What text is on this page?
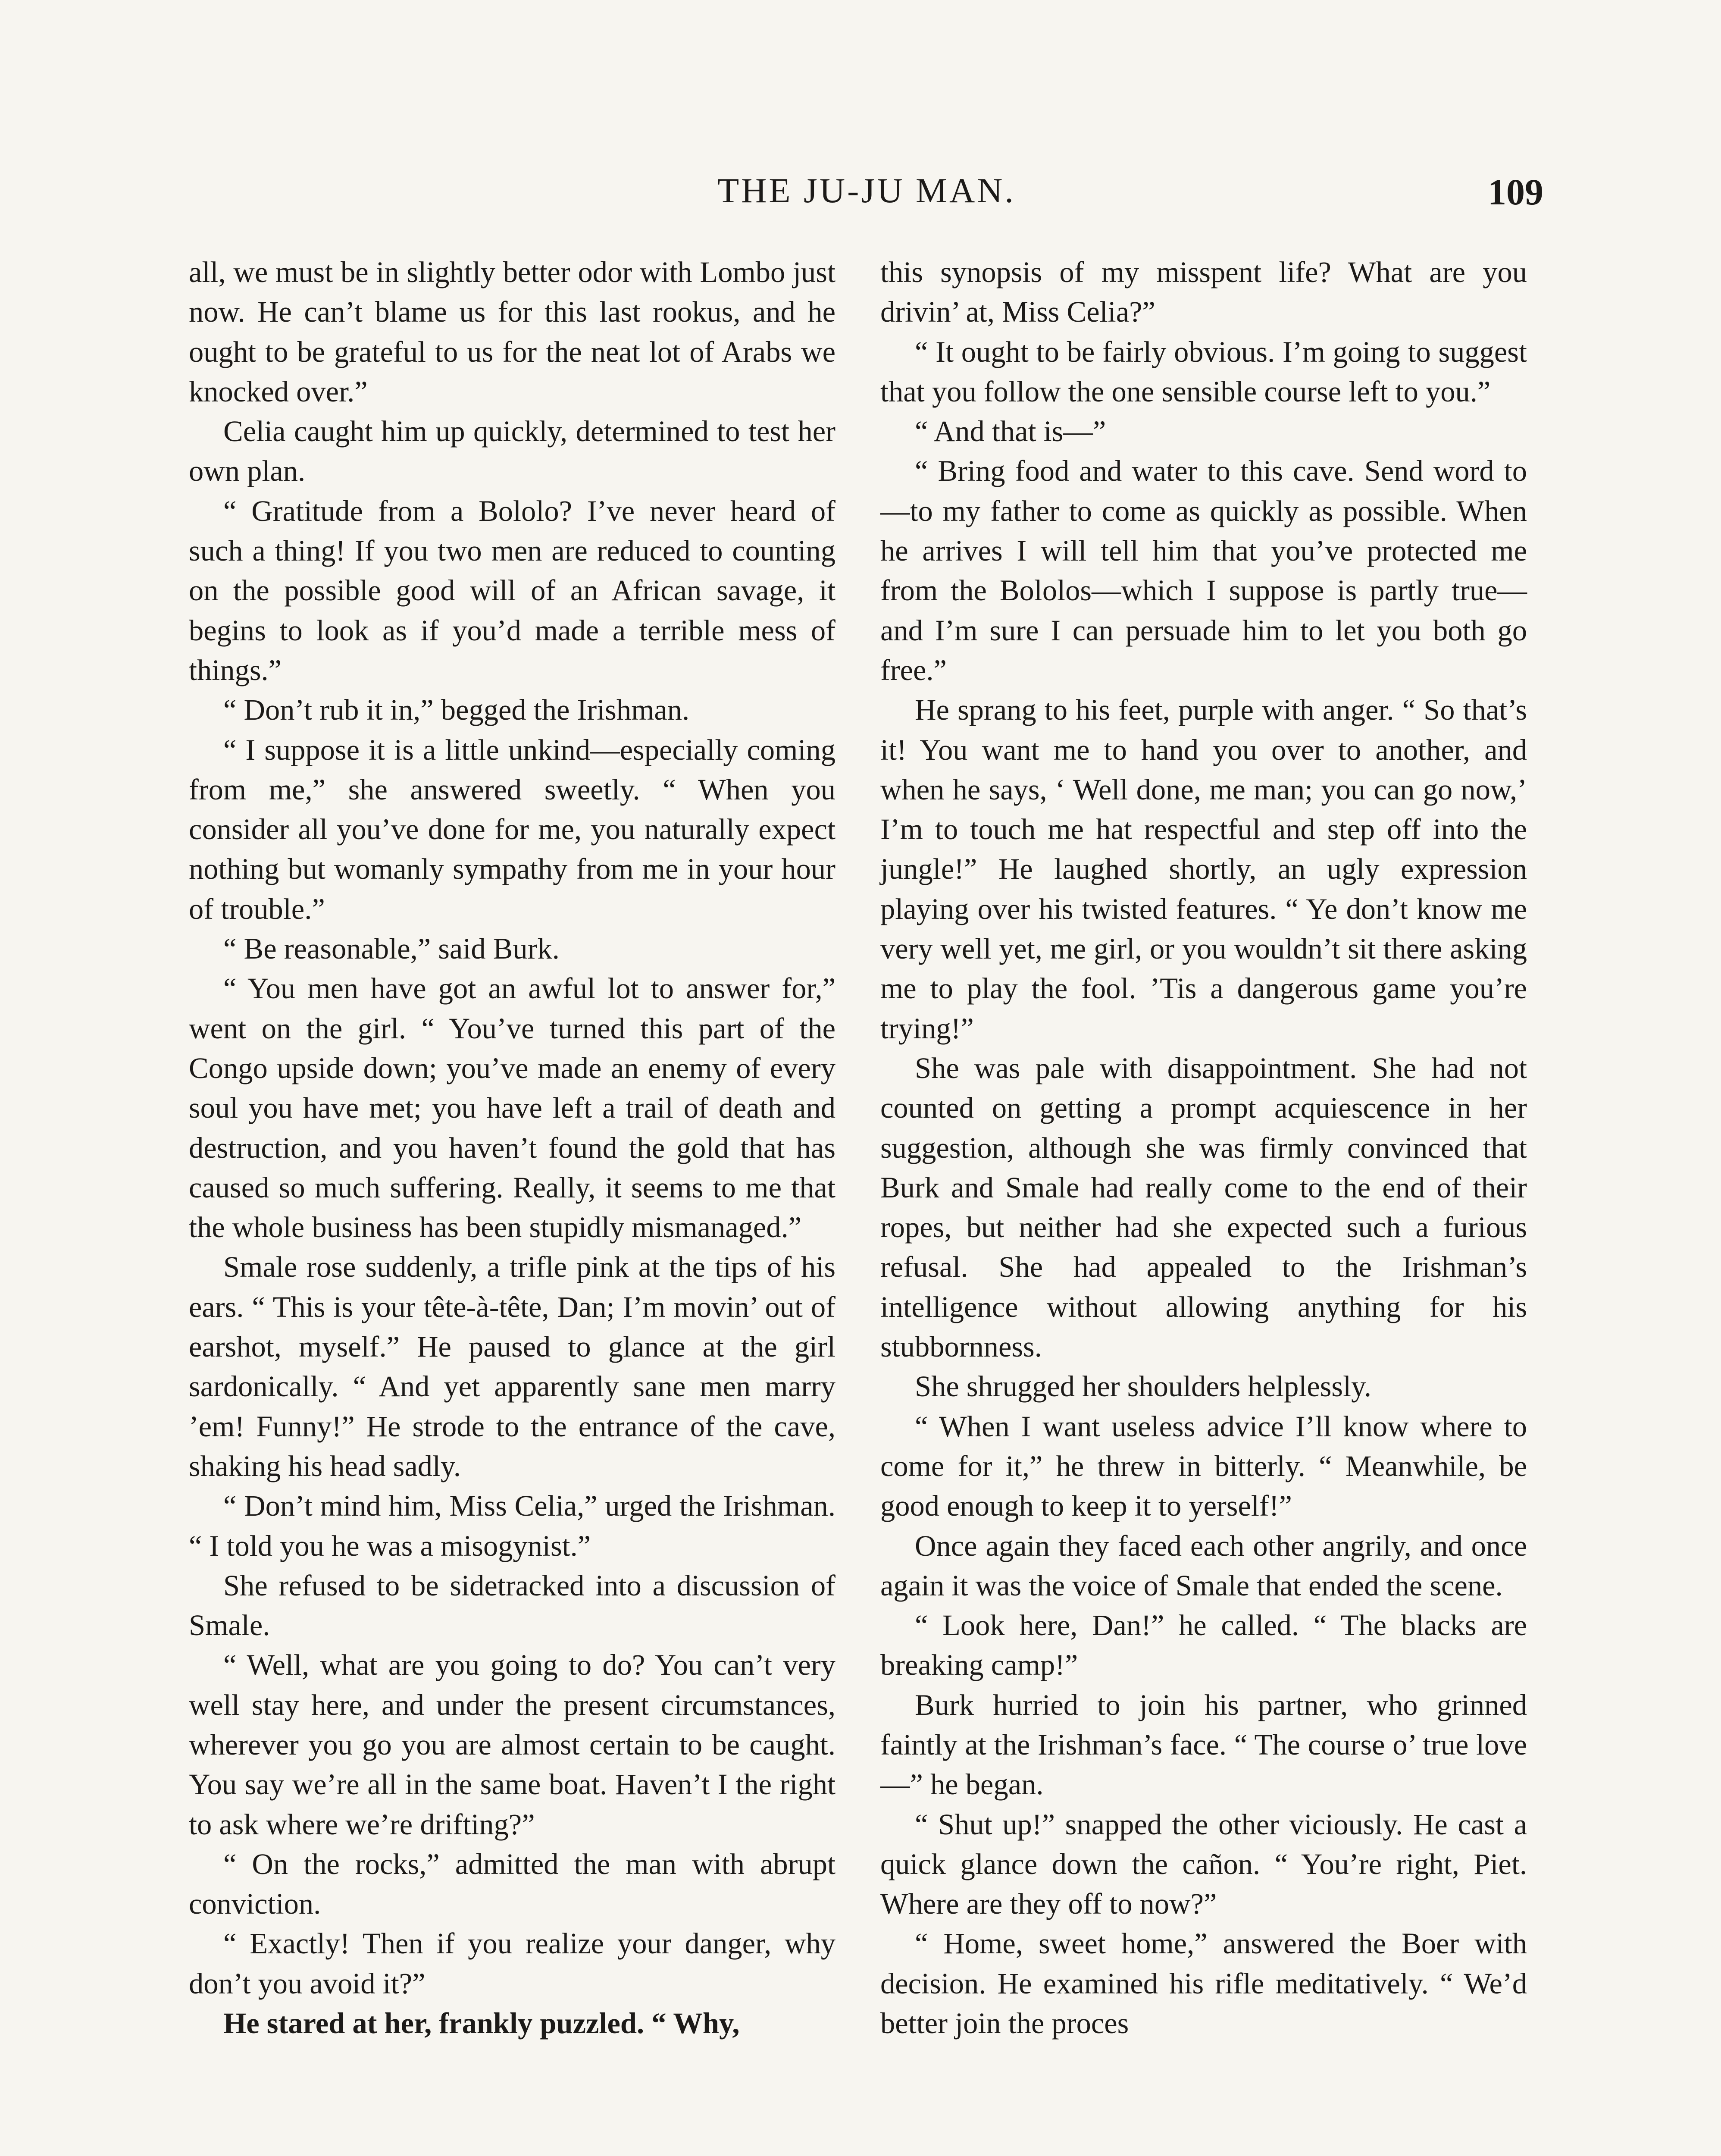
THE JU-JU MAN.	109

all, we must be in slightly better odor with Lombo just now. He can’t blame us for this last rookus, and he ought to be grateful to us for the neat lot of Arabs we knocked over.”

Celia caught him up quickly, determined to test her own plan.

“ Gratitude from a Bololo? I’ve never heard of such a thing! If you two men are reduced to counting on the possible good will of an African savage, it begins to look as if you’d made a terrible mess of things.”

“ Don’t rub it in,” begged the Irishman.

“ I suppose it is a little unkind—especially coming from me,” she answered sweetly. “ When you consider all you’ve done for me, you naturally expect nothing but womanly sympathy from me in your hour of trouble.”

“ Be reasonable,” said Burk.

“ You men have got an awful lot to answer for,” went on the girl. “ You’ve turned this part of the Congo upside down; you’ve made an enemy of every soul you have met; you have left a trail of death and destruction, and you haven’t found the gold that has caused so much suffering. Really, it seems to me that the whole business has been stupidly mismanaged.”

Smale rose suddenly, a trifle pink at the tips of his ears. “ This is your tête-à-tête, Dan; I’m movin’ out of earshot, myself.” He paused to glance at the girl sardonically. “ And yet apparently sane men marry ’em! Funny!” He strode to the entrance of the cave, shaking his head sadly.

“ Don’t mind him, Miss Celia,” urged the Irishman. “ I told you he was a misogynist.”

She refused to be sidetracked into a discussion of Smale.

“ Well, what are you going to do? You can’t very well stay here, and under the present circumstances, wherever you go you are almost certain to be caught. You say we’re all in the same boat. Haven’t I the right to ask where we’re drifting?”

“ On the rocks,” admitted the man with abrupt conviction.

“ Exactly! Then if you realize your danger, why don’t you avoid it?”

He stared at her, frankly puzzled. “ Why,

this synopsis of my misspent life? What are you drivin’ at, Miss Celia?”

“ It ought to be fairly obvious. I’m going to suggest that you follow the one sensible course left to you.”

“ And that is—”

“ Bring food and water to this cave. Send word to—to my father to come as quickly as possible. When he arrives I will tell him that you’ve protected me from the Bololos—which I suppose is partly true— and I’m sure I can persuade him to let you both go free.”

He sprang to his feet, purple with anger. “ So that’s it! You want me to hand you over to another, and when he says, ‘ Well done, me man; you can go now,’ I’m to touch me hat respectful and step off into the jungle!” He laughed shortly, an ugly expression playing over his twisted features. “ Ye don’t know me very well yet, me girl, or you wouldn’t sit there asking me to play the fool. ’Tis a dangerous game you’re trying!”

She was pale with disappointment. She had not counted on getting a prompt acquiescence in her suggestion, although she was firmly convinced that Burk and Smale had really come to the end of their ropes, but neither had she expected such a furious refusal. She had appealed to the Irishman’s intelligence without allowing anything for his stubbornness.

She shrugged her shoulders helplessly.

“ When I want useless advice I’ll know where to come for it,” he threw in bitterly. “ Meanwhile, be good enough to keep it to yerself!”

Once again they faced each other angrily, and once again it was the voice of Smale that ended the scene.

“ Look here, Dan!” he called. “ The blacks are breaking camp!”

Burk hurried to join his partner, who grinned faintly at the Irishman’s face. “ The course o’ true love—” he began.

“ Shut up!” snapped the other viciously. He cast a quick glance down the cañon. “ You’re right, Piet. Where are they off to now?”

“ Home, sweet home,” answered the Boer with decision. He examined his rifle meditatively. “ We’d better join the proces
